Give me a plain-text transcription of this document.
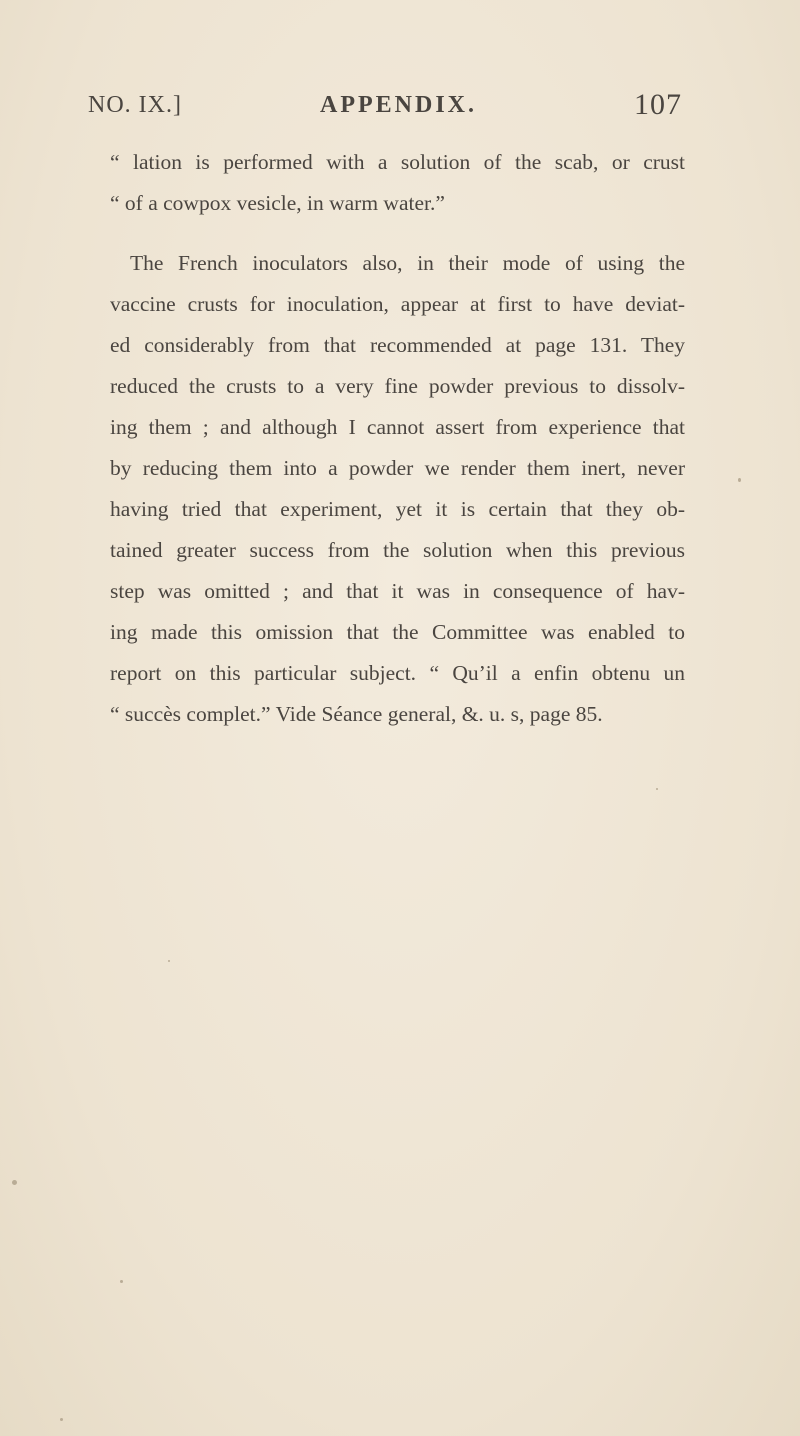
NO. IX.]	APPENDIX.	107
“ lation is performed with a solution of the scab, or crust
“ of a cowpox vesicle, in warm water.”
The French inoculators also, in their mode of using the
vaccine crusts for inoculation, appear at first to have deviat-
ed considerably from that recommended at page 131. They
reduced the crusts to a very fine powder previous to dissolv-
ing them ; and although I cannot assert from experience that
by reducing them into a powder we render them inert, never
having tried that experiment, yet it is certain that they ob-
tained greater success from the solution when this previous
step was omitted ; and that it was in consequence of hav-
ing made this omission that the Committee was enabled to
report on this particular subject. “ Qu’il a enfin obtenu un
“ succès complet.” Vide Séance general, &. u. s, page 85.
